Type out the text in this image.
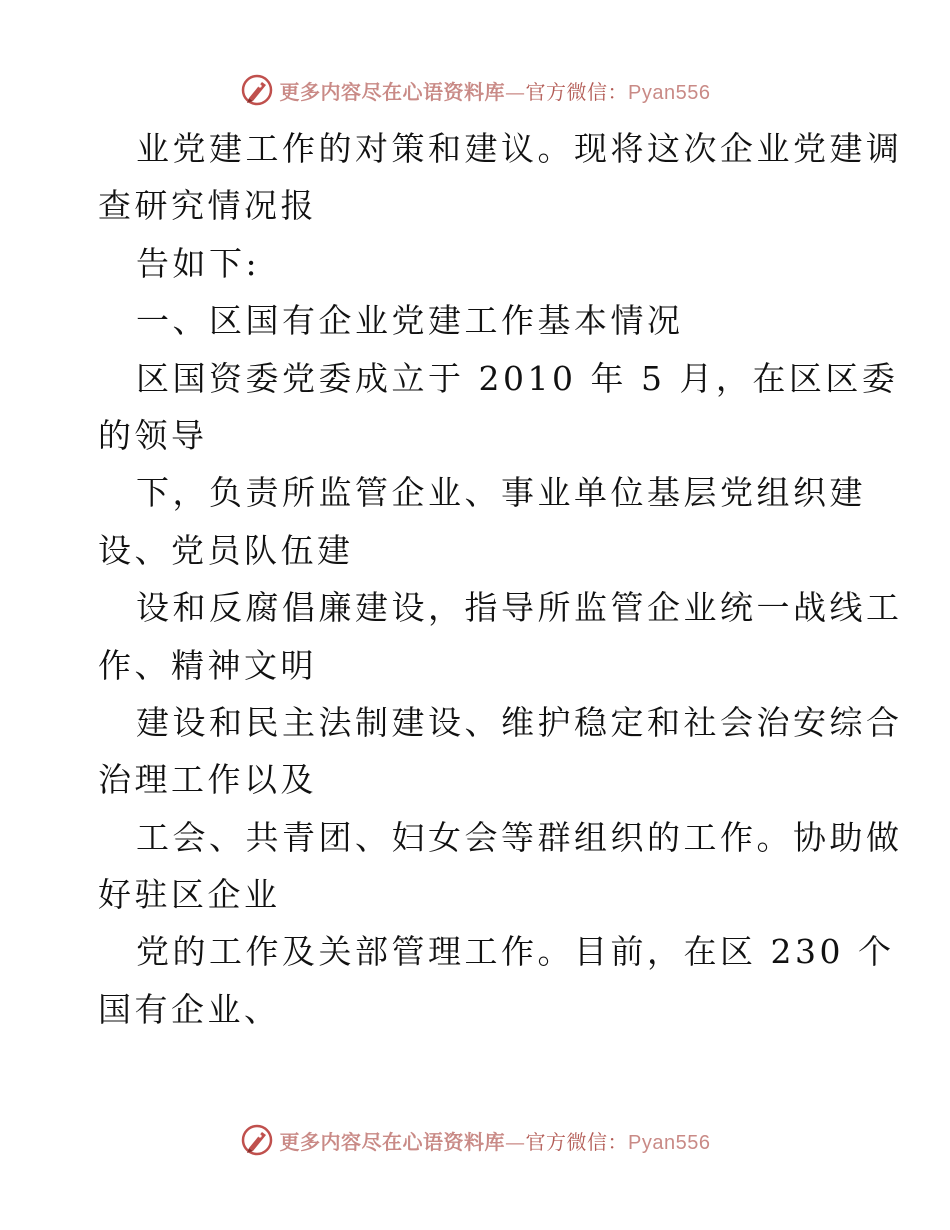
更多内容尽在心语资料库—官方微信：Pyan556
业党建工作的对策和建议。现将这次企业党建调
查研究情况报
告如下:
一、区国有企业党建工作基本情况
区国资委党委成立于 2010 年 5 月，在区区委
的领导
下，负责所监管企业、事业单位基层党组织建
设、党员队伍建
设和反腐倡廉建设，指导所监管企业统一战线工
作、精神文明
建设和民主法制建设、维护稳定和社会治安综合
治理工作以及
工会、共青团、妇女会等群组织的工作。协助做
好驻区企业
党的工作及关部管理工作。目前，在区 230 个
国有企业、
更多内容尽在心语资料库—官方微信：Pyan556
